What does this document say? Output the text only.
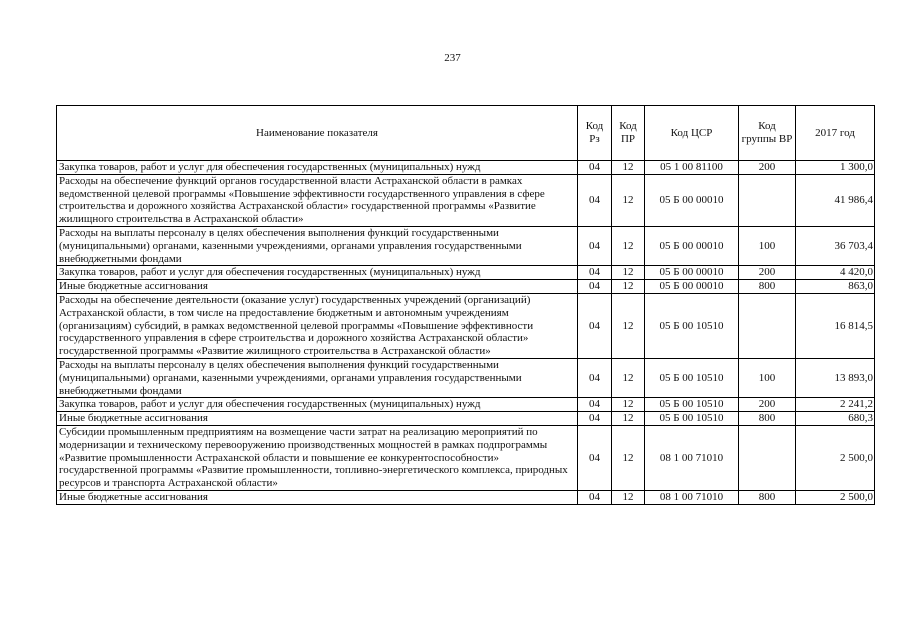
237
Наименование показателя	Код Рз	Код ПР	Код ЦСР	Код группы ВР	2017 год
Закупка товаров, работ и услуг для обеспечения государственных (муниципальных) нужд	04	12	05 1 00 81100	200	1 300,0
Расходы на обеспечение функций органов государственной власти Астраханской области в рамках ведомственной целевой программы «Повышение эффективности государственного управления в сфере строительства и дорожного хозяйства Астраханской области» государственной программы «Развитие жилищного строительства в Астраханской области»	04	12	05 Б 00 00010		41 986,4
Расходы на выплаты персоналу в целях обеспечения выполнения функций государственными (муниципальными) органами, казенными учреждениями, органами управления государственными внебюджетными фондами	04	12	05 Б 00 00010	100	36 703,4
Закупка товаров, работ и услуг для обеспечения государственных (муниципальных) нужд	04	12	05 Б 00 00010	200	4 420,0
Иные бюджетные ассигнования	04	12	05 Б 00 00010	800	863,0
Расходы на обеспечение деятельности (оказание услуг) государственных учреждений (организаций) Астраханской области, в том числе на предоставление бюджетным и автономным учреждениям (организациям) субсидий, в рамках ведомственной целевой программы «Повышение эффективности государственного управления в сфере строительства и дорожного хозяйства Астраханской области» государственной программы «Развитие жилищного строительства в Астраханской области»	04	12	05 Б 00 10510		16 814,5
Расходы на выплаты персоналу в целях обеспечения выполнения функций государственными (муниципальными) органами, казенными учреждениями, органами управления государственными внебюджетными фондами	04	12	05 Б 00 10510	100	13 893,0
Закупка товаров, работ и услуг для обеспечения государственных (муниципальных) нужд	04	12	05 Б 00 10510	200	2 241,2
Иные бюджетные ассигнования	04	12	05 Б 00 10510	800	680,3
Субсидии промышленным предприятиям на возмещение части затрат на реализацию мероприятий по модернизации и техническому перевооружению производственных мощностей в рамках подпрограммы «Развитие промышленности Астраханской области и повышение ее конкурентоспособности» государственной программы «Развитие промышленности, топливно-энергетического комплекса, природных ресурсов и транспорта Астраханской области»	04	12	08 1 00 71010		2 500,0
Иные бюджетные ассигнования	04	12	08 1 00 71010	800	2 500,0
